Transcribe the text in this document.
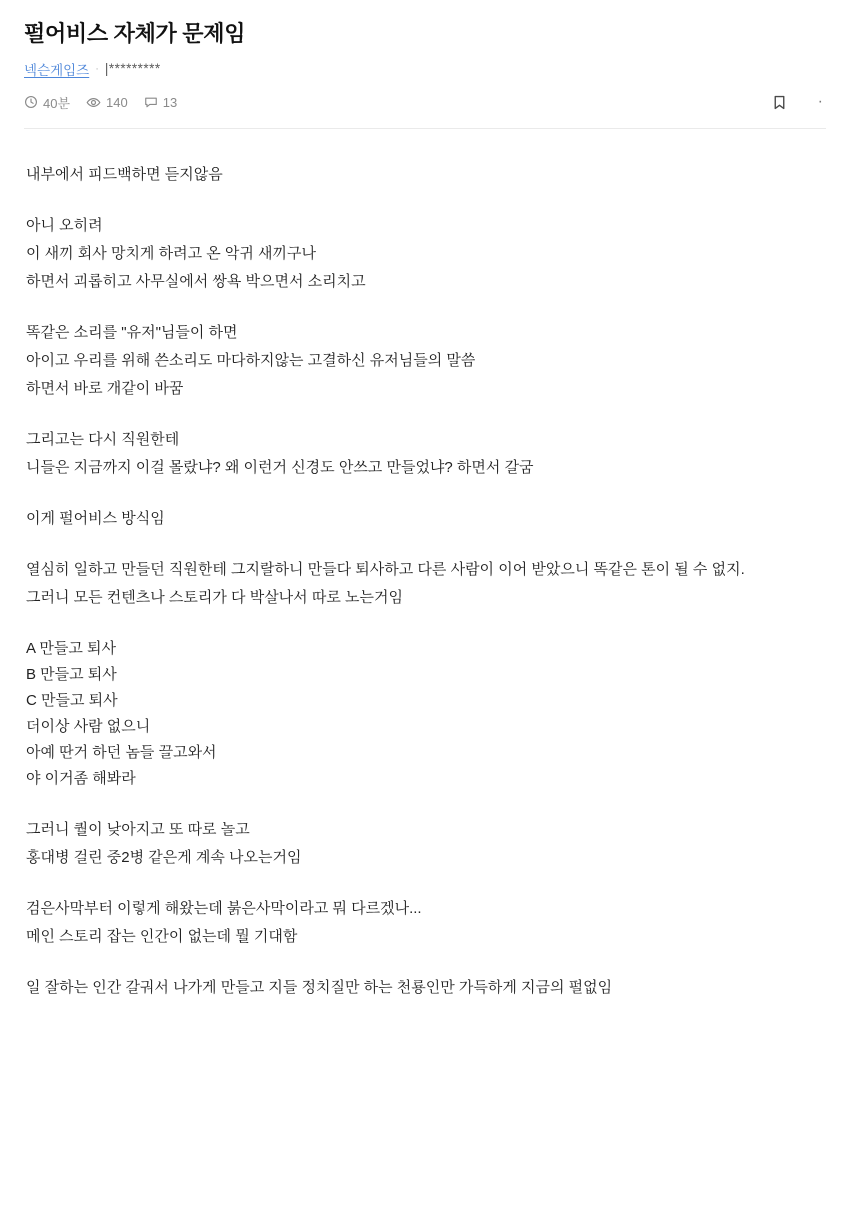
펄어비스 자체가 문제임
넥슨게임즈 · |*********
40분	140	13	·
내부에서 피드백하면 듣지않음
아니 오히려
이 새끼 회사 망치게 하려고 온 악귀 새끼구나
하면서 괴롭히고 사무실에서 쌍욕 박으면서 소리치고
똑같은 소리를 "유저"님들이 하면
아이고 우리를 위해 쓴소리도 마다하지않는 고결하신 유저님들의 말씀
하면서 바로 개같이 바꿈
그리고는 다시 직원한테
니들은 지금까지 이걸 몰랐냐? 왜 이런거 신경도 안쓰고 만들었냐? 하면서 갈굼
이게 펄어비스 방식임
열심히 일하고 만들던 직원한테 그지랄하니 만들다 퇴사하고 다른 사람이 이어 받았으니 똑같은 톤이 될 수 없지.
그러니 모든 컨텐츠나 스토리가 다 박살나서 따로 노는거임
A 만들고 퇴사
B 만들고 퇴사
C 만들고 퇴사
더이상 사람 없으니
아예 딴거 하던 놈들 끌고와서
야 이거좀 해봐라
그러니 퀄이 낮아지고 또 따로 놀고
홍대병 걸린 중2병 같은게 계속 나오는거임
검은사막부터 이렇게 해왔는데 붉은사막이라고 뭐 다르겠나...
메인 스토리 잡는 인간이 없는데 뭘 기대함
일 잘하는 인간 갈궈서 나가게 만들고 지들 정치질만 하는 천룡인만 가득하게 지금의 펄없임
